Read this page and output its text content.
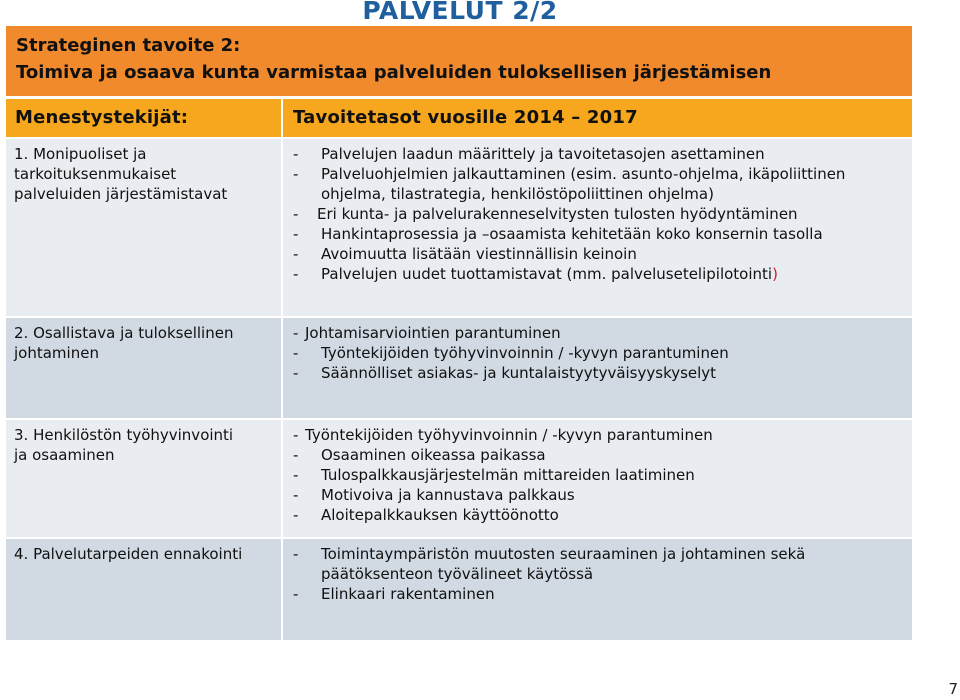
PALVELUT 2/2
Strateginen tavoite 2:
Toimiva ja osaava kunta varmistaa palveluiden tuloksellisen järjestämisen
Menestystekijät:	Tavoitetasot vuosille 2014 – 2017
1. Monipuoliset ja
tarkoituksenmukaiset
palveluiden järjestämistavat
-	Palvelujen laadun määrittely ja tavoitetasojen asettaminen
-	Palveluohjelmien jalkauttaminen (esim. asunto-ohjelma, ikäpoliittinen
ohjelma, tilastrategia, henkilöstöpoliittinen ohjelma)
-	Eri kunta- ja palvelurakenneselvitysten tulosten hyödyntäminen
-	Hankintaprosessia ja –osaamista kehitetään koko konsernin tasolla
-	Avoimuutta lisätään viestinnällisin keinoin
-	Palvelujen uudet tuottamistavat (mm. palvelusetelipilotointi)
2. Osallistava ja tuloksellinen
johtaminen
- Johtamisarviointien parantuminen
-	Työntekijöiden työhyvinvoinnin / -kyvyn parantuminen
-	Säännölliset asiakas- ja kuntalaistyytyväisyyskyselyt
3. Henkilöstön työhyvinvointi
ja osaaminen
- Työntekijöiden työhyvinvoinnin / -kyvyn parantuminen
-	Osaaminen oikeassa paikassa
-	Tulospalkkausjärjestelmän mittareiden laatiminen
-	Motivoiva ja kannustava palkkaus
-	Aloitepalkkauksen käyttöönotto
4. Palvelutarpeiden ennakointi	-	Toimintaympäristön muutosten seuraaminen ja johtaminen sekä
päätöksenteon työvälineet käytössä
-	Elinkaari rakentaminen
7
